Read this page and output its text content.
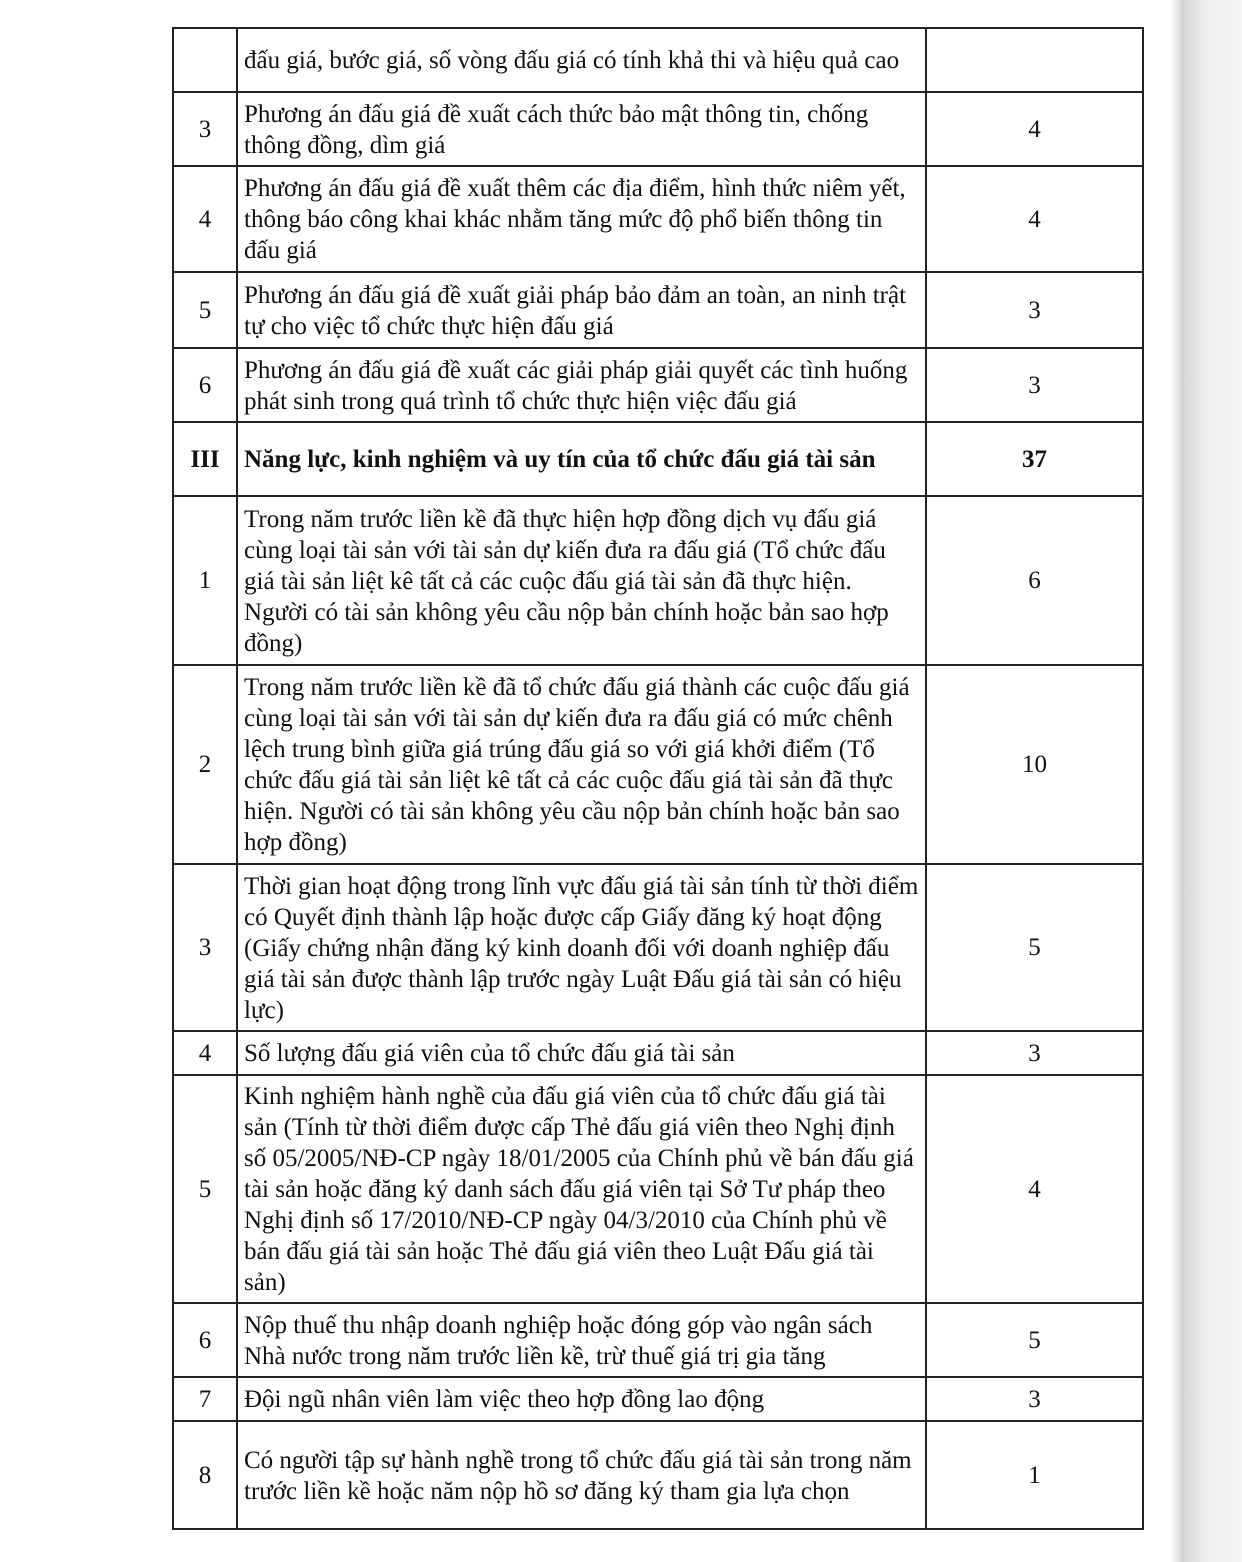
	đấu giá, bước giá, số vòng đấu giá có tính khả thi và hiệu quả cao	
3	Phương án đấu giá đề xuất cách thức bảo mật thông tin, chống thông đồng, dìm giá	4
4	Phương án đấu giá đề xuất thêm các địa điểm, hình thức niêm yết, thông báo công khai khác nhằm tăng mức độ phổ biến thông tin đấu giá	4
5	Phương án đấu giá đề xuất giải pháp bảo đảm an toàn, an ninh trật tự cho việc tổ chức thực hiện đấu giá	3
6	Phương án đấu giá đề xuất các giải pháp giải quyết các tình huống phát sinh trong quá trình tổ chức thực hiện việc đấu giá	3
III	Năng lực, kinh nghiệm và uy tín của tổ chức đấu giá tài sản	37
1	Trong năm trước liền kề đã thực hiện hợp đồng dịch vụ đấu giá cùng loại tài sản với tài sản dự kiến đưa ra đấu giá (Tổ chức đấu giá tài sản liệt kê tất cả các cuộc đấu giá tài sản đã thực hiện. Người có tài sản không yêu cầu nộp bản chính hoặc bản sao hợp đồng)	6
2	Trong năm trước liền kề đã tổ chức đấu giá thành các cuộc đấu giá cùng loại tài sản với tài sản dự kiến đưa ra đấu giá có mức chênh lệch trung bình giữa giá trúng đấu giá so với giá khởi điểm (Tổ chức đấu giá tài sản liệt kê tất cả các cuộc đấu giá tài sản đã thực hiện. Người có tài sản không yêu cầu nộp bản chính hoặc bản sao hợp đồng)	10
3	Thời gian hoạt động trong lĩnh vực đấu giá tài sản tính từ thời điểm có Quyết định thành lập hoặc được cấp Giấy đăng ký hoạt động (Giấy chứng nhận đăng ký kinh doanh đối với doanh nghiệp đấu giá tài sản được thành lập trước ngày Luật Đấu giá tài sản có hiệu lực)	5
4	Số lượng đấu giá viên của tổ chức đấu giá tài sản	3
5	Kinh nghiệm hành nghề của đấu giá viên của tổ chức đấu giá tài sản (Tính từ thời điểm được cấp Thẻ đấu giá viên theo Nghị định số 05/2005/NĐ-CP ngày 18/01/2005 của Chính phủ về bán đấu giá tài sản hoặc đăng ký danh sách đấu giá viên tại Sở Tư pháp theo Nghị định số 17/2010/NĐ-CP ngày 04/3/2010 của Chính phủ về bán đấu giá tài sản hoặc Thẻ đấu giá viên theo Luật Đấu giá tài sản)	4
6	Nộp thuế thu nhập doanh nghiệp hoặc đóng góp vào ngân sách Nhà nước trong năm trước liền kề, trừ thuế giá trị gia tăng	5
7	Đội ngũ nhân viên làm việc theo hợp đồng lao động	3
8	Có người tập sự hành nghề trong tổ chức đấu giá tài sản trong năm trước liền kề hoặc năm nộp hồ sơ đăng ký tham gia lựa chọn	1
